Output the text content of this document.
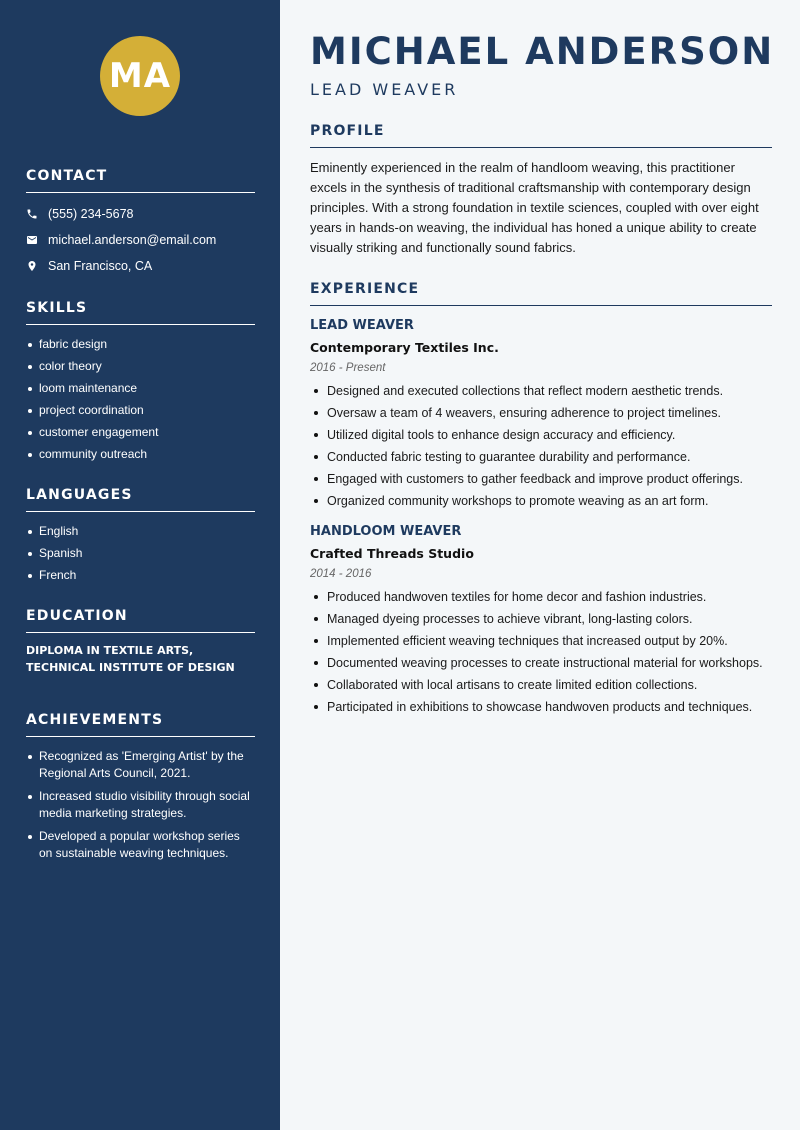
MA
CONTACT
(555) 234-5678
michael.anderson@email.com
San Francisco, CA
SKILLS
fabric design
color theory
loom maintenance
project coordination
customer engagement
community outreach
LANGUAGES
English
Spanish
French
EDUCATION
DIPLOMA IN TEXTILE ARTS, TECHNICAL INSTITUTE OF DESIGN
ACHIEVEMENTS
Recognized as 'Emerging Artist' by the Regional Arts Council, 2021.
Increased studio visibility through social media marketing strategies.
Developed a popular workshop series on sustainable weaving techniques.
MICHAEL ANDERSON
LEAD WEAVER
PROFILE

Eminently experienced in the realm of handloom weaving, this practitioner excels in the synthesis of traditional craftsmanship with contemporary design principles. With a strong foundation in textile sciences, coupled with over eight years in hands-on weaving, the individual has honed a unique ability to create visually striking and functionally sound fabrics.

EXPERIENCE
LEAD WEAVER
Contemporary Textiles Inc.
2016 - Present
Designed and executed collections that reflect modern aesthetic trends.
Oversaw a team of 4 weavers, ensuring adherence to project timelines.
Utilized digital tools to enhance design accuracy and efficiency.
Conducted fabric testing to guarantee durability and performance.
Engaged with customers to gather feedback and improve product offerings.
Organized community workshops to promote weaving as an art form.
HANDLOOM WEAVER
Crafted Threads Studio
2014 - 2016
Produced handwoven textiles for home decor and fashion industries.
Managed dyeing processes to achieve vibrant, long-lasting colors.
Implemented efficient weaving techniques that increased output by 20%.
Documented weaving processes to create instructional material for workshops.
Collaborated with local artisans to create limited edition collections.
Participated in exhibitions to showcase handwoven products and techniques.
